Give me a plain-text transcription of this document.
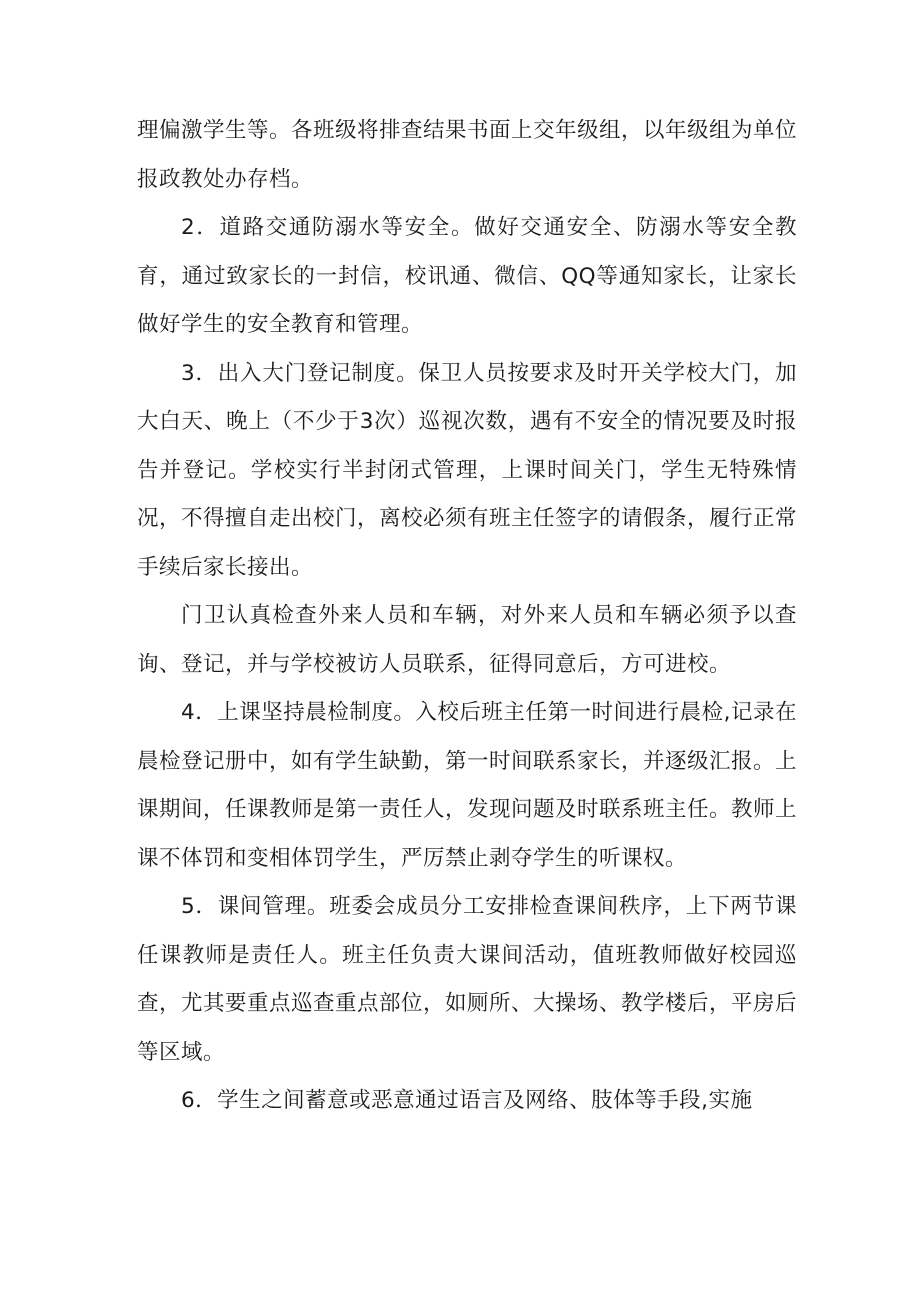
理偏激学生等。各班级将排查结果书面上交年级组，以年级组为单位报政教处办存档。

2．道路交通防溺水等安全。做好交通安全、防溺水等安全教育，通过致家长的一封信，校讯通、微信、QQ等通知家长，让家长做好学生的安全教育和管理。

3．出入大门登记制度。保卫人员按要求及时开关学校大门，加大白天、晚上（不少于3次）巡视次数，遇有不安全的情况要及时报告并登记。学校实行半封闭式管理，上课时间关门，学生无特殊情况，不得擅自走出校门，离校必须有班主任签字的请假条，履行正常手续后家长接出。

门卫认真检查外来人员和车辆，对外来人员和车辆必须予以查询、登记，并与学校被访人员联系，征得同意后，方可进校。

4．上课坚持晨检制度。入校后班主任第一时间进行晨检,记录在晨检登记册中，如有学生缺勤，第一时间联系家长，并逐级汇报。上课期间，任课教师是第一责任人，发现问题及时联系班主任。教师上课不体罚和变相体罚学生，严厉禁止剥夺学生的听课权。

5．课间管理。班委会成员分工安排检查课间秩序，上下两节课任课教师是责任人。班主任负责大课间活动，值班教师做好校园巡查，尤其要重点巡查重点部位，如厕所、大操场、教学楼后，平房后等区域。

6．学生之间蓄意或恶意通过语言及网络、肢体等手段,实施
